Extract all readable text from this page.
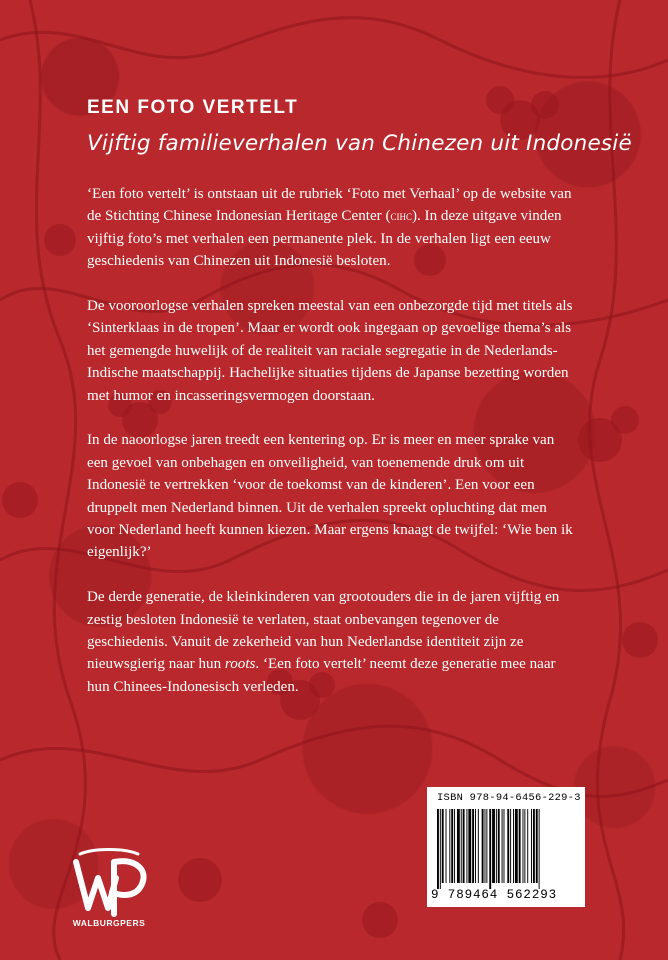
EEN FOTO VERTELT
Vijftig familieverhalen van Chinezen uit Indonesië

‘Een foto vertelt’ is ontstaan uit de rubriek ‘Foto met Verhaal’ op de website van de Stichting Chinese Indonesian Heritage Center (cihc). In deze uitgave vinden vijftig foto’s met verhalen een permanente plek. In de verhalen ligt een eeuw geschiedenis van Chinezen uit Indonesië besloten.

De vooroorlogse verhalen spreken meestal van een onbezorgde tijd met titels als ‘Sinterklaas in de tropen’. Maar er wordt ook ingegaan op gevoelige thema’s als het gemengde huwelijk of de realiteit van raciale segregatie in de Nederlands-Indische maatschappij. Hachelijke situaties tijdens de Japanse bezetting worden met humor en incasseringsvermogen doorstaan.

In de naoorlogse jaren treedt een kentering op. Er is meer en meer sprake van een gevoel van onbehagen en onveiligheid, van toenemende druk om uit Indonesië te vertrekken ‘voor de toekomst van de kinderen’. Een voor een druppelt men Nederland binnen. Uit de verhalen spreekt opluchting dat men voor Nederland heeft kunnen kiezen. Maar ergens knaagt de twijfel: ‘Wie ben ik eigenlijk?’

De derde generatie, de kleinkinderen van grootouders die in de jaren vijftig en zestig besloten Indonesië te verlaten, staat onbevangen tegenover de geschiedenis. Vanuit de zekerheid van hun Nederlandse identiteit zijn ze nieuwsgierig naar hun roots. ‘Een foto vertelt’ neemt deze generatie mee naar hun Chinees-Indonesisch verleden.

WALBURGPERS
ISBN 978-94-6456-229-3
9 789464 562293
